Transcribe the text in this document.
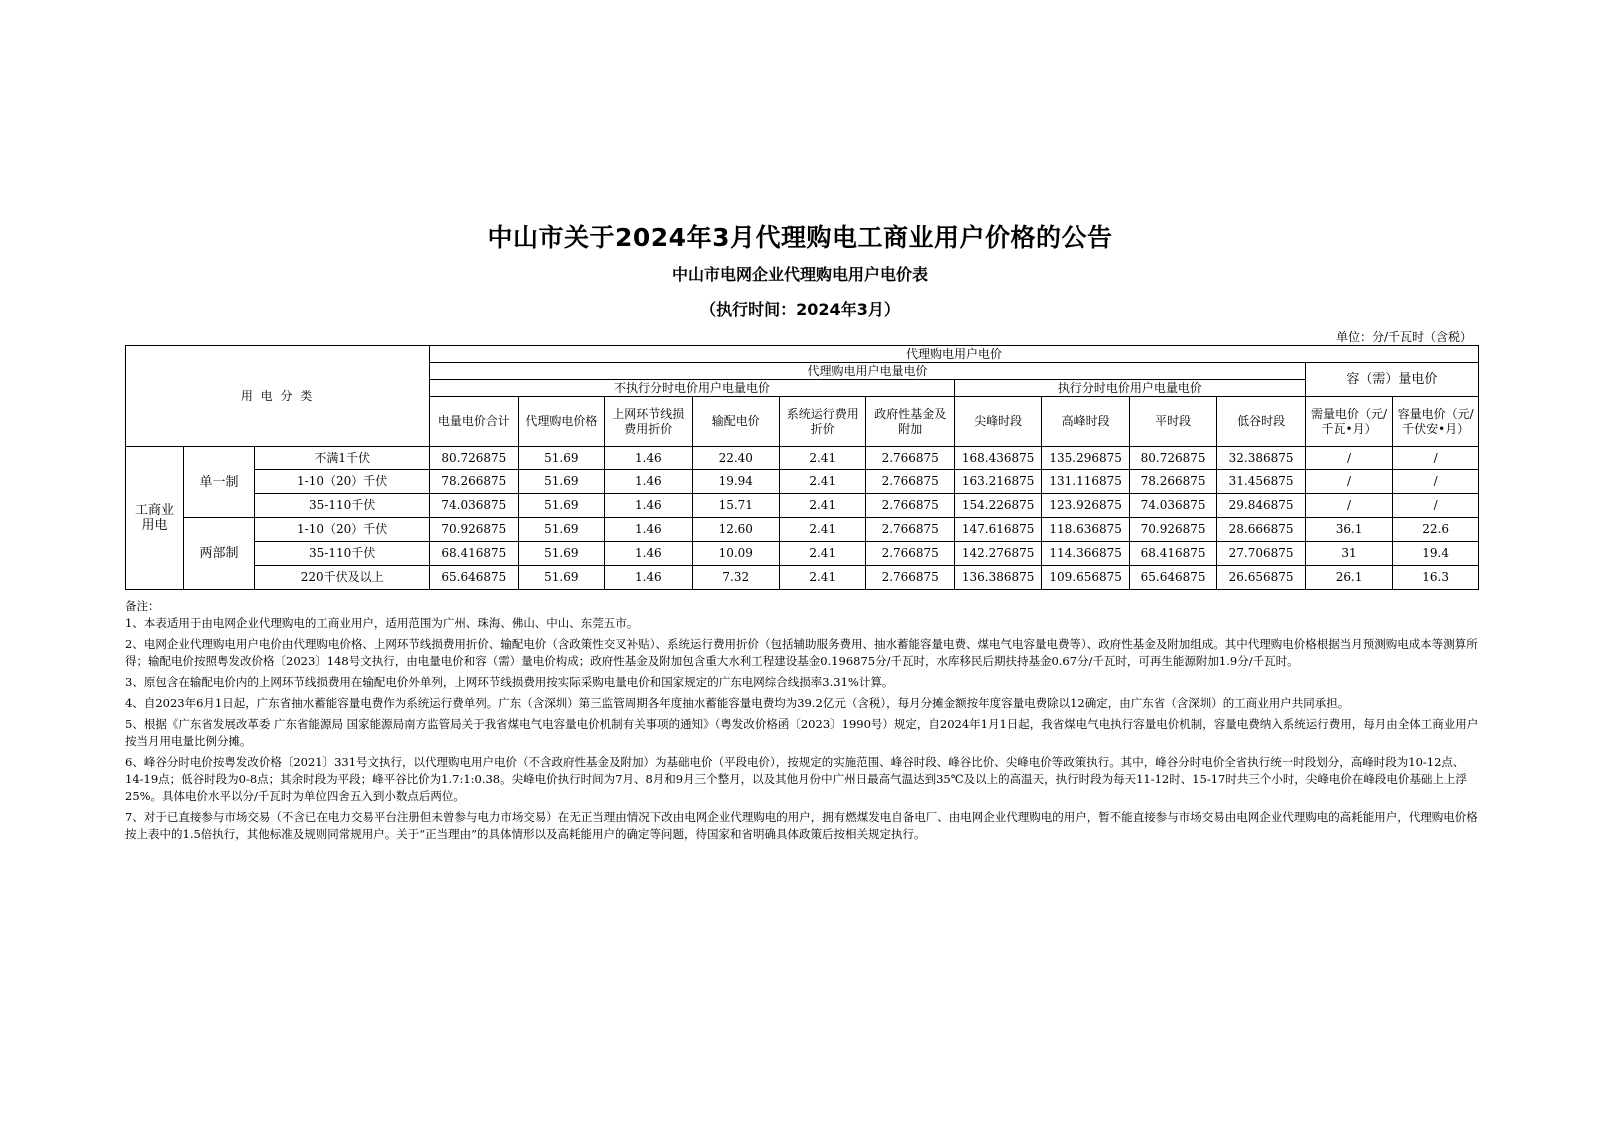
中山市关于2024年3月代理购电工商业用户价格的公告
中山市电网企业代理购电用户电价表
（执行时间：2024年3月）
单位：分/千瓦时（含税）
用 电 分 类			代理购电用户电价											
			代理购电用户电量电价										容（需）量电价	
			不执行分时电价用户电量电价						执行分时电价用户电量电价					
			电量电价合计	代理购电价格	上网环节线损费用折价	输配电价	系统运行费用折价	政府性基金及附加	尖峰时段	高峰时段	平时段	低谷时段	需量电价（元/千瓦•月）	容量电价（元/千伏安•月）
工商业用电	单一制	不满1千伏	80.726875	51.69	1.46	22.40	2.41	2.766875	168.436875	135.296875	80.726875	32.386875	/	/
		1-10（20）千伏	78.266875	51.69	1.46	19.94	2.41	2.766875	163.216875	131.116875	78.266875	31.456875	/	/
		35-110千伏	74.036875	51.69	1.46	15.71	2.41	2.766875	154.226875	123.926875	74.036875	29.846875	/	/
	两部制	1-10（20）千伏	70.926875	51.69	1.46	12.60	2.41	2.766875	147.616875	118.636875	70.926875	28.666875	36.1	22.6
		35-110千伏	68.416875	51.69	1.46	10.09	2.41	2.766875	142.276875	114.366875	68.416875	27.706875	31	19.4
		220千伏及以上	65.646875	51.69	1.46	7.32	2.41	2.766875	136.386875	109.656875	65.646875	26.656875	26.1	16.3

备注：

1、本表适用于由电网企业代理购电的工商业用户，适用范围为广州、珠海、佛山、中山、东莞五市。

2、电网企业代理购电用户电价由代理购电价格、上网环节线损费用折价、输配电价（含政策性交叉补贴）、系统运行费用折价（包括辅助服务费用、抽水蓄能容量电费、煤电气电容量电费等）、政府性基金及附加组成。其中代理购电价格根据当月预测购电成本等测算所得；输配电价按照粤发改价格〔2023〕148号文执行，由电量电价和容（需）量电价构成；政府性基金及附加包含重大水利工程建设基金0.196875分/千瓦时，水库移民后期扶持基金0.67分/千瓦时，可再生能源附加1.9分/千瓦时。

3、原包含在输配电价内的上网环节线损费用在输配电价外单列，上网环节线损费用按实际采购电量电价和国家规定的广东电网综合线损率3.31%计算。

4、自2023年6月1日起，广东省抽水蓄能容量电费作为系统运行费单列。广东（含深圳）第三监管周期各年度抽水蓄能容量电费均为39.2亿元（含税），每月分摊金额按年度容量电费除以12确定，由广东省（含深圳）的工商业用户共同承担。

5、根据《广东省发展改革委 广东省能源局 国家能源局南方监管局关于我省煤电气电容量电价机制有关事项的通知》（粤发改价格函〔2023〕1990号）规定，自2024年1月1日起，我省煤电气电执行容量电价机制，容量电费纳入系统运行费用，每月由全体工商业用户按当月用电量比例分摊。

6、峰谷分时电价按粤发改价格〔2021〕331号文执行，以代理购电用户电价（不含政府性基金及附加）为基础电价（平段电价），按规定的实施范围、峰谷时段、峰谷比价、尖峰电价等政策执行。其中，峰谷分时电价全省执行统一时段划分，高峰时段为10-12点、14-19点；低谷时段为0-8点；其余时段为平段；峰平谷比价为1.7:1:0.38。尖峰电价执行时间为7月、8月和9月三个整月，以及其他月份中广州日最高气温达到35℃及以上的高温天，执行时段为每天11-12时、15-17时共三个小时，尖峰电价在峰段电价基础上上浮25%。具体电价水平以分/千瓦时为单位四舍五入到小数点后两位。

7、对于已直接参与市场交易（不含已在电力交易平台注册但未曾参与电力市场交易）在无正当理由情况下改由电网企业代理购电的用户，拥有燃煤发电自备电厂、由电网企业代理购电的用户，暂不能直接参与市场交易由电网企业代理购电的高耗能用户，代理购电价格按上表中的1.5倍执行，其他标准及规则同常规用户。关于“正当理由”的具体情形以及高耗能用户的确定等问题，待国家和省明确具体政策后按相关规定执行。
